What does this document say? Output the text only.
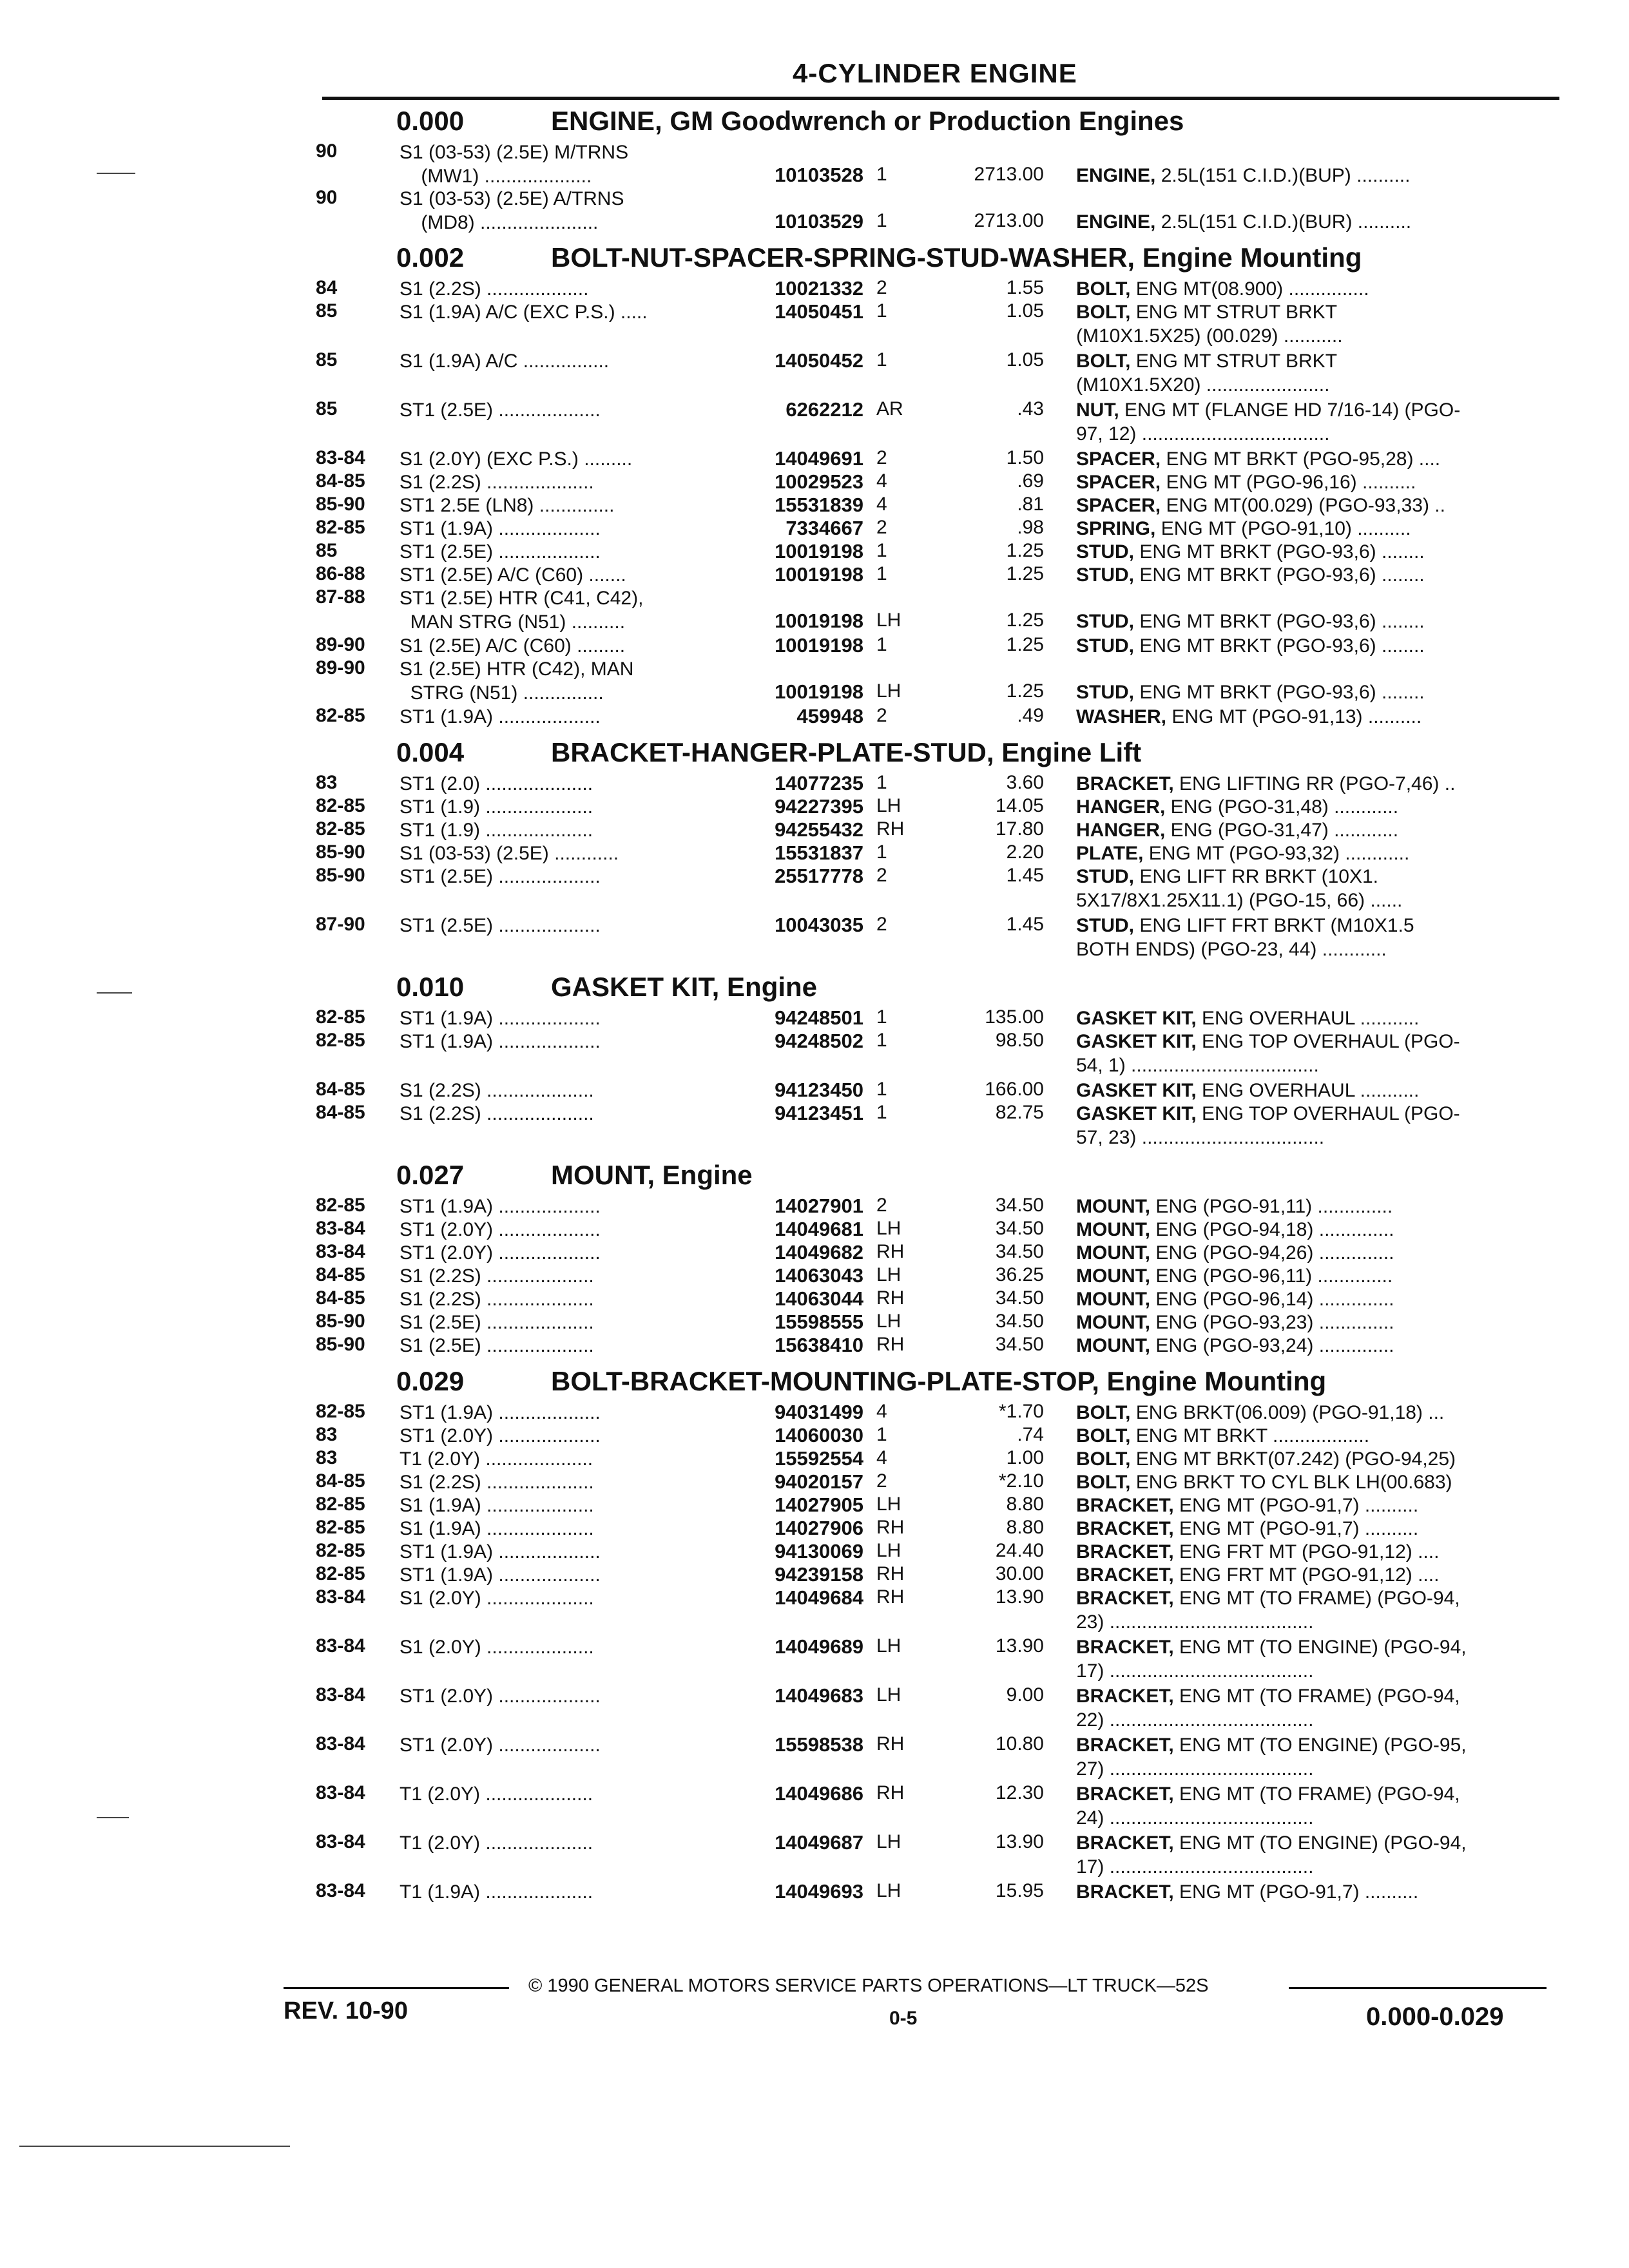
4-CYLINDER ENGINE
0.000	ENGINE, GM Goodwrench or Production Engines
90	S1 (03-53) (2.5E) M/TRNS
(MW1) ....................	10103528 1	2713.00 ENGINE, 2.5L(151 C.I.D.)(BUP) ..........
90	S1 (03-53) (2.5E) A/TRNS
(MD8) ......................	10103529 1	2713.00 ENGINE, 2.5L(151 C.I.D.)(BUR) ..........
0.002	BOLT-NUT-SPACER-SPRING-STUD-WASHER, Engine Mounting
84	S1 (2.2S) ...................	10021332 2	1.55 BOLT, ENG MT(08.900) ...............
85	S1 (1.9A) A/C (EXC P.S.) .....	14050451 1	1.05 BOLT, ENG MT STRUT BRKT
(M10X1.5X25) (00.029) ...........
85	S1 (1.9A) A/C ................	14050452 1	1.05 BOLT, ENG MT STRUT BRKT
(M10X1.5X20) .......................
85	ST1 (2.5E) ...................	6262212 AR	.43 NUT, ENG MT (FLANGE HD 7/16-14) (PGO-
97, 12) ...................................
83-84	S1 (2.0Y) (EXC P.S.) .........	14049691 2	1.50 SPACER, ENG MT BRKT (PGO-95,28) ....
84-85	S1 (2.2S) ....................	10029523 4	.69 SPACER, ENG MT (PGO-96,16) ..........
85-90	ST1 2.5E (LN8) ..............	15531839 4	.81 SPACER, ENG MT(00.029) (PGO-93,33) ..
82-85	ST1 (1.9A) ...................	7334667 2	.98 SPRING, ENG MT (PGO-91,10) ..........
85	ST1 (2.5E) ...................	10019198 1	1.25 STUD, ENG MT BRKT (PGO-93,6) ........
86-88	ST1 (2.5E) A/C (C60) .......	10019198 1	1.25 STUD, ENG MT BRKT (PGO-93,6) ........
87-88	ST1 (2.5E) HTR (C41, C42),
MAN STRG (N51) ..........	10019198 LH	1.25 STUD, ENG MT BRKT (PGO-93,6) ........
89-90	S1 (2.5E) A/C (C60) .........	10019198 1	1.25 STUD, ENG MT BRKT (PGO-93,6) ........
89-90	S1 (2.5E) HTR (C42), MAN
STRG (N51) ...............	10019198 LH	1.25 STUD, ENG MT BRKT (PGO-93,6) ........
82-85	ST1 (1.9A) ...................	459948 2	.49 WASHER, ENG MT (PGO-91,13) ..........
0.004	BRACKET-HANGER-PLATE-STUD, Engine Lift
83	ST1 (2.0) ....................	14077235 1	3.60 BRACKET, ENG LIFTING RR (PGO-7,46) ..
82-85	ST1 (1.9) ....................	94227395 LH	14.05 HANGER, ENG (PGO-31,48) ............
82-85	ST1 (1.9) ....................	94255432 RH	17.80 HANGER, ENG (PGO-31,47) ............
85-90	S1 (03-53) (2.5E) ............	15531837 1	2.20 PLATE, ENG MT (PGO-93,32) ............
85-90	ST1 (2.5E) ...................	25517778 2	1.45 STUD, ENG LIFT RR BRKT (10X1.
5X17/8X1.25X11.1) (PGO-15, 66) ......
87-90	ST1 (2.5E) ...................	10043035 2	1.45 STUD, ENG LIFT FRT BRKT (M10X1.5
BOTH ENDS) (PGO-23, 44) ............
0.010	GASKET KIT, Engine
82-85	ST1 (1.9A) ...................	94248501 1	135.00 GASKET KIT, ENG OVERHAUL ...........
82-85	ST1 (1.9A) ...................	94248502 1	98.50 GASKET KIT, ENG TOP OVERHAUL (PGO-
54, 1) ...................................
84-85	S1 (2.2S) ....................	94123450 1	166.00 GASKET KIT, ENG OVERHAUL ...........
84-85	S1 (2.2S) ....................	94123451 1	82.75 GASKET KIT, ENG TOP OVERHAUL (PGO-
57, 23) ..................................
0.027	MOUNT, Engine
82-85	ST1 (1.9A) ...................	14027901 2	34.50 MOUNT, ENG (PGO-91,11) ..............
83-84	ST1 (2.0Y) ...................	14049681 LH	34.50 MOUNT, ENG (PGO-94,18) ..............
83-84	ST1 (2.0Y) ...................	14049682 RH	34.50 MOUNT, ENG (PGO-94,26) ..............
84-85	S1 (2.2S) ....................	14063043 LH	36.25 MOUNT, ENG (PGO-96,11) ..............
84-85	S1 (2.2S) ....................	14063044 RH	34.50 MOUNT, ENG (PGO-96,14) ..............
85-90	S1 (2.5E) ....................	15598555 LH	34.50 MOUNT, ENG (PGO-93,23) ..............
85-90	S1 (2.5E) ....................	15638410 RH	34.50 MOUNT, ENG (PGO-93,24) ..............
0.029	BOLT-BRACKET-MOUNTING-PLATE-STOP, Engine Mounting
82-85	ST1 (1.9A) ...................	94031499 4	*1.70 BOLT, ENG BRKT(06.009) (PGO-91,18) ...
83	ST1 (2.0Y) ...................	14060030 1	.74 BOLT, ENG MT BRKT ..................
83	T1 (2.0Y) ....................	15592554 4	1.00 BOLT, ENG MT BRKT(07.242) (PGO-94,25)
84-85	S1 (2.2S) ....................	94020157 2	*2.10 BOLT, ENG BRKT TO CYL BLK LH(00.683)
82-85	S1 (1.9A) ....................	14027905 LH	8.80 BRACKET, ENG MT (PGO-91,7) ..........
82-85	S1 (1.9A) ....................	14027906 RH	8.80 BRACKET, ENG MT (PGO-91,7) ..........
82-85	ST1 (1.9A) ...................	94130069 LH	24.40 BRACKET, ENG FRT MT (PGO-91,12) ....
82-85	ST1 (1.9A) ...................	94239158 RH	30.00 BRACKET, ENG FRT MT (PGO-91,12) ....
83-84	S1 (2.0Y) ....................	14049684 RH	13.90 BRACKET, ENG MT (TO FRAME) (PGO-94,
23) ......................................
83-84	S1 (2.0Y) ....................	14049689 LH	13.90 BRACKET, ENG MT (TO ENGINE) (PGO-94,
17) ......................................
83-84	ST1 (2.0Y) ...................	14049683 LH	9.00 BRACKET, ENG MT (TO FRAME) (PGO-94,
22) ......................................
83-84	ST1 (2.0Y) ...................	15598538 RH	10.80 BRACKET, ENG MT (TO ENGINE) (PGO-95,
27) ......................................
83-84	T1 (2.0Y) ....................	14049686 RH	12.30 BRACKET, ENG MT (TO FRAME) (PGO-94,
24) ......................................
83-84	T1 (2.0Y) ....................	14049687 LH	13.90 BRACKET, ENG MT (TO ENGINE) (PGO-94,
17) ......................................
83-84	T1 (1.9A) ....................	14049693 LH	15.95 BRACKET, ENG MT (PGO-91,7) ..........
© 1990 GENERAL MOTORS SERVICE PARTS OPERATIONS—LT TRUCK—52S
REV. 10-90	0-5	0.000-0.029
